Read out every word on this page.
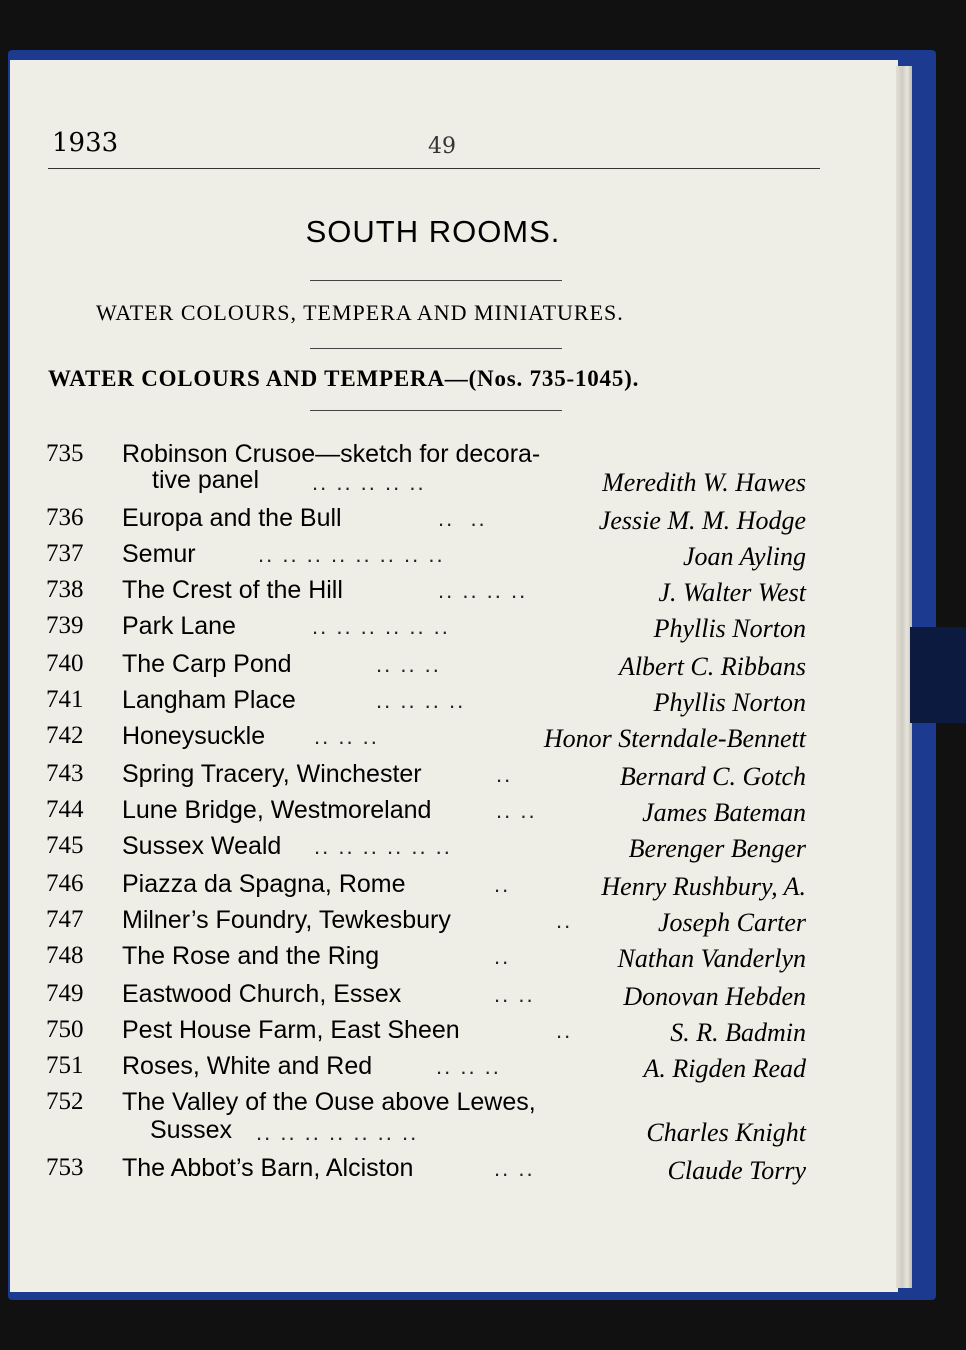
1933	49
SOUTH ROOMS.
WATER COLOURS, TEMPERA AND MINIATURES.
WATER COLOURS AND TEMPERA—(Nos. 735-1045).
735 Robinson Crusoe—sketch for decora-
tive panel .. .. .. .. ..	Meredith W. Hawes
736 Europa and the Bull	..  ..	Jessie M. M. Hodge
737 Semur	.. .. .. .. .. .. .. ..	Joan Ayling
738 The Crest of the Hill	.. .. .. ..	J. Walter West
739 Park Lane	.. .. .. .. .. ..	Phyllis Norton
740 The Carp Pond	.. .. ..	Albert C. Ribbans
741 Langham Place	.. .. .. ..	Phyllis Norton
742 Honeysuckle .. .. ..	Honor Sterndale-Bennett
743 Spring Tracery, Winchester	..	Bernard C. Gotch
744 Lune Bridge, Westmoreland	.. ..	James Bateman
745 Sussex Weald .. .. .. .. .. ..	Berenger Benger
746 Piazza da Spagna, Rome	..	Henry Rushbury, A.
747 Milner’s Foundry, Tewkesbury	..	Joseph Carter
748 The Rose and the Ring	..	Nathan Vanderlyn
749 Eastwood Church, Essex	.. ..	Donovan Hebden
750 Pest House Farm, East Sheen	..	S. R. Badmin
751 Roses, White and Red	.. .. ..	A. Rigden Read
752 The Valley of the Ouse above Lewes,
Sussex .. .. .. .. .. .. ..	Charles Knight
753 The Abbot’s Barn, Alciston	.. ..	Claude Torry
